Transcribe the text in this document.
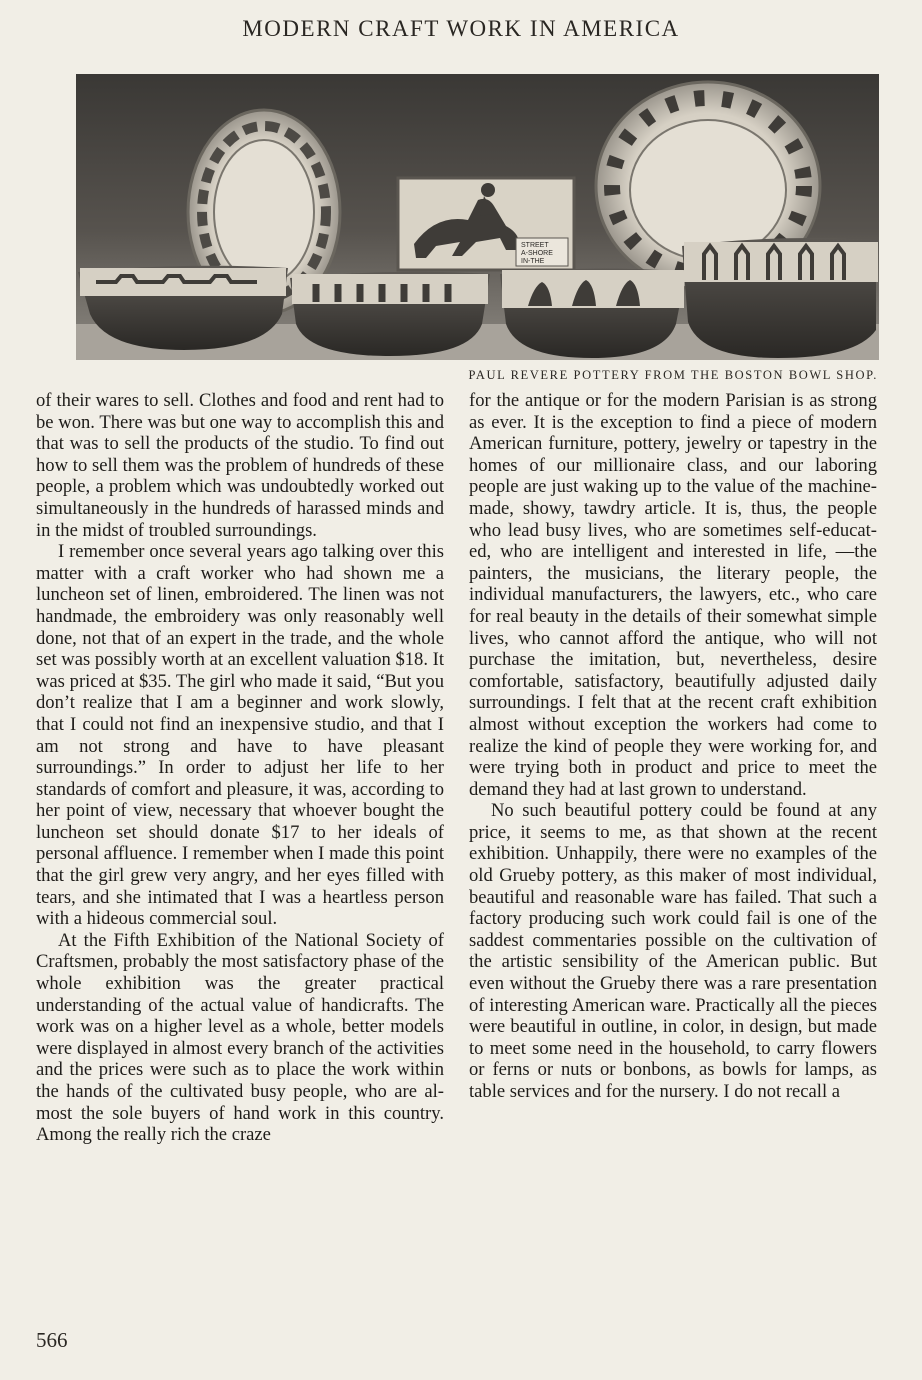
MODERN CRAFT WORK IN AMERICA
STREET
A-SHORE
IN-THE
PAUL REVERE POTTERY FROM THE BOSTON BOWL SHOP.

of their wares to sell. Clothes and food and rent had to be won. There was but one way to accomplish this and that was to sell the products of the studio. To find out how to sell them was the problem of hundreds of these people, a problem which was undoubtedly worked out simultaneously in the hundreds of harassed minds and in the midst of troubled surroundings.

I remember once several years ago talking over this matter with a craft worker who had shown me a luncheon set of linen, embroidered. The linen was not handmade, the embroidery was only reasonably well done, not that of an expert in the trade, and the whole set was possibly worth at an excellent valuation $18. It was priced at $35. The girl who made it said, “But you don’t realize that I am a beginner and work slowly, that I could not find an inexpensive studio, and that I am not strong and have to have pleasant surroundings.” In order to adjust her life to her standards of comfort and pleasure, it was, according to her point of view, necessary that whoever bought the luncheon set should donate $17 to her ideals of personal affluence. I remember when I made this point that the girl grew very angry, and her eyes filled with tears, and she intimated that I was a heartless person with a hideous commercial soul.

At the Fifth Exhibition of the National Society of Craftsmen, probably the most satisfactory phase of the whole exhibition was the greater practical understanding of the actual value of handicrafts. The work was on a higher level as a whole, better models were displayed in almost every branch of the activities and the prices were such as to place the work within the hands of the cultivated busy people, who are almost the sole buyers of hand work in this country. Among the really rich the craze

for the antique or for the modern Parisian is as strong as ever. It is the exception to find a piece of modern American furniture, pottery, jewelry or tapestry in the homes of our millionaire class, and our laboring people are just waking up to the value of the machine-made, showy, tawdry article. It is, thus, the people who lead busy lives, who are sometimes self-educated, who are intelligent and interested in life, —the painters, the musicians, the literary people, the individual manufacturers, the lawyers, etc., who care for real beauty in the details of their somewhat simple lives, who cannot afford the antique, who will not purchase the imitation, but, nevertheless, desire comfortable, satisfactory, beautifully adjusted daily surroundings. I felt that at the recent craft exhibition almost without exception the workers had come to realize the kind of people they were working for, and were trying both in product and price to meet the demand they had at last grown to understand.

No such beautiful pottery could be found at any price, it seems to me, as that shown at the recent exhibition. Unhappily, there were no examples of the old Grueby pottery, as this maker of most individual, beautiful and reasonable ware has failed. That such a factory producing such work could fail is one of the saddest commentaries possible on the cultivation of the artistic sensibility of the American public. But even without the Grueby there was a rare presentation of interesting American ware. Practically all the pieces were beautiful in outline, in color, in design, but made to meet some need in the household, to carry flowers or ferns or nuts or bonbons, as bowls for lamps, as table services and for the nursery. I do not recall a

566
